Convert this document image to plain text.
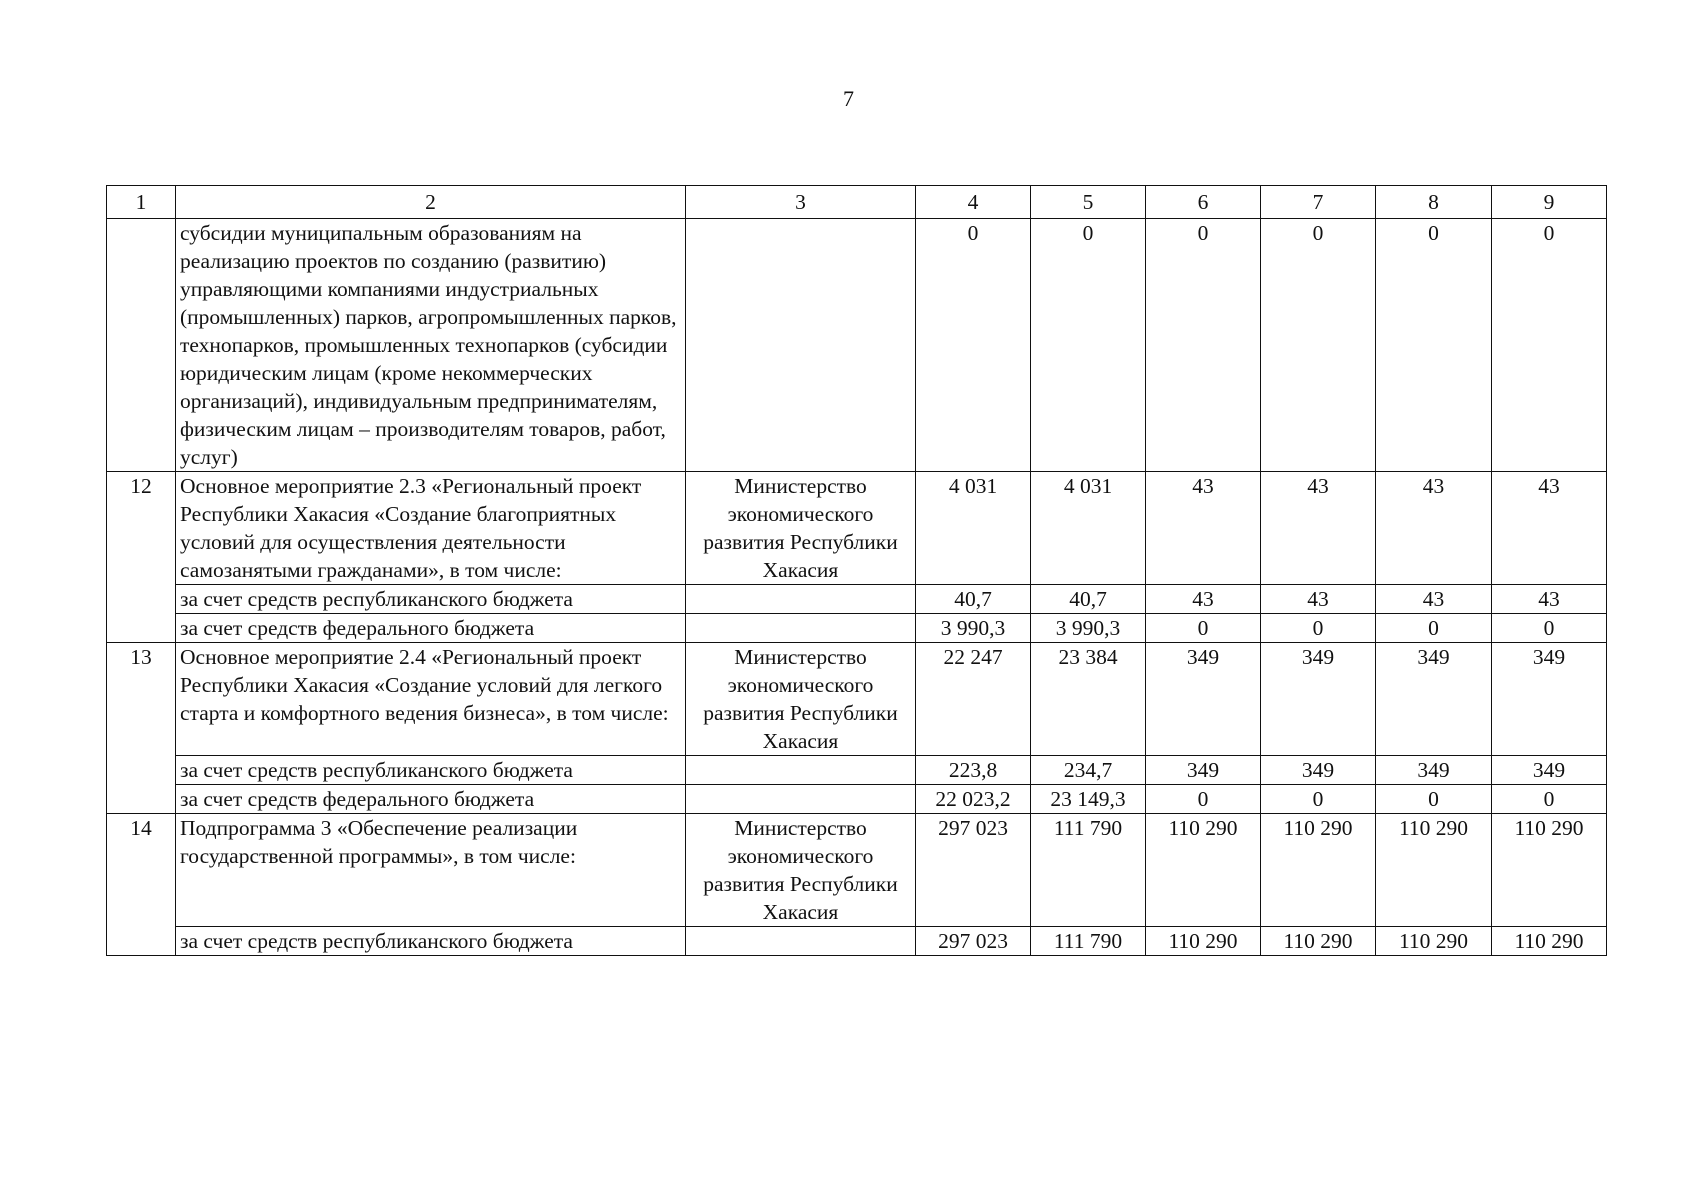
7
1	2	3	4	5	6	7	8	9
	субсидии муниципальным образованиям на реализацию проектов по созданию (развитию) управляющими компаниями индустриальных (промышленных) парков, агропромышленных парков, технопарков, промышленных технопарков (субсидии юридическим лицам (кроме некоммерческих организаций), индивидуальным предпринимателям, физическим лицам – производителям товаров, работ, услуг)		0	0	0	0	0	0
12	Основное мероприятие 2.3 «Региональный проект Республики Хакасия «Создание благоприятных условий для осуществления деятельности самозанятыми гражданами», в том числе:	Министерство экономического развития Республики Хакасия	4 031	4 031	43	43	43	43
	за счет средств республиканского бюджета		40,7	40,7	43	43	43	43
	за счет средств федерального бюджета		3 990,3	3 990,3	0	0	0	0
13	Основное мероприятие 2.4 «Региональный проект Республики Хакасия «Создание условий для легкого старта и комфортного ведения бизнеса», в том числе:	Министерство экономического развития Республики Хакасия	22 247	23 384	349	349	349	349
	за счет средств республиканского бюджета		223,8	234,7	349	349	349	349
	за счет средств федерального бюджета		22 023,2	23 149,3	0	0	0	0
14	Подпрограмма 3 «Обеспечение реализации государственной программы», в том числе:	Министерство экономического развития Республики Хакасия	297 023	111 790	110 290	110 290	110 290	110 290
	за счет средств республиканского бюджета		297 023	111 790	110 290	110 290	110 290	110 290
